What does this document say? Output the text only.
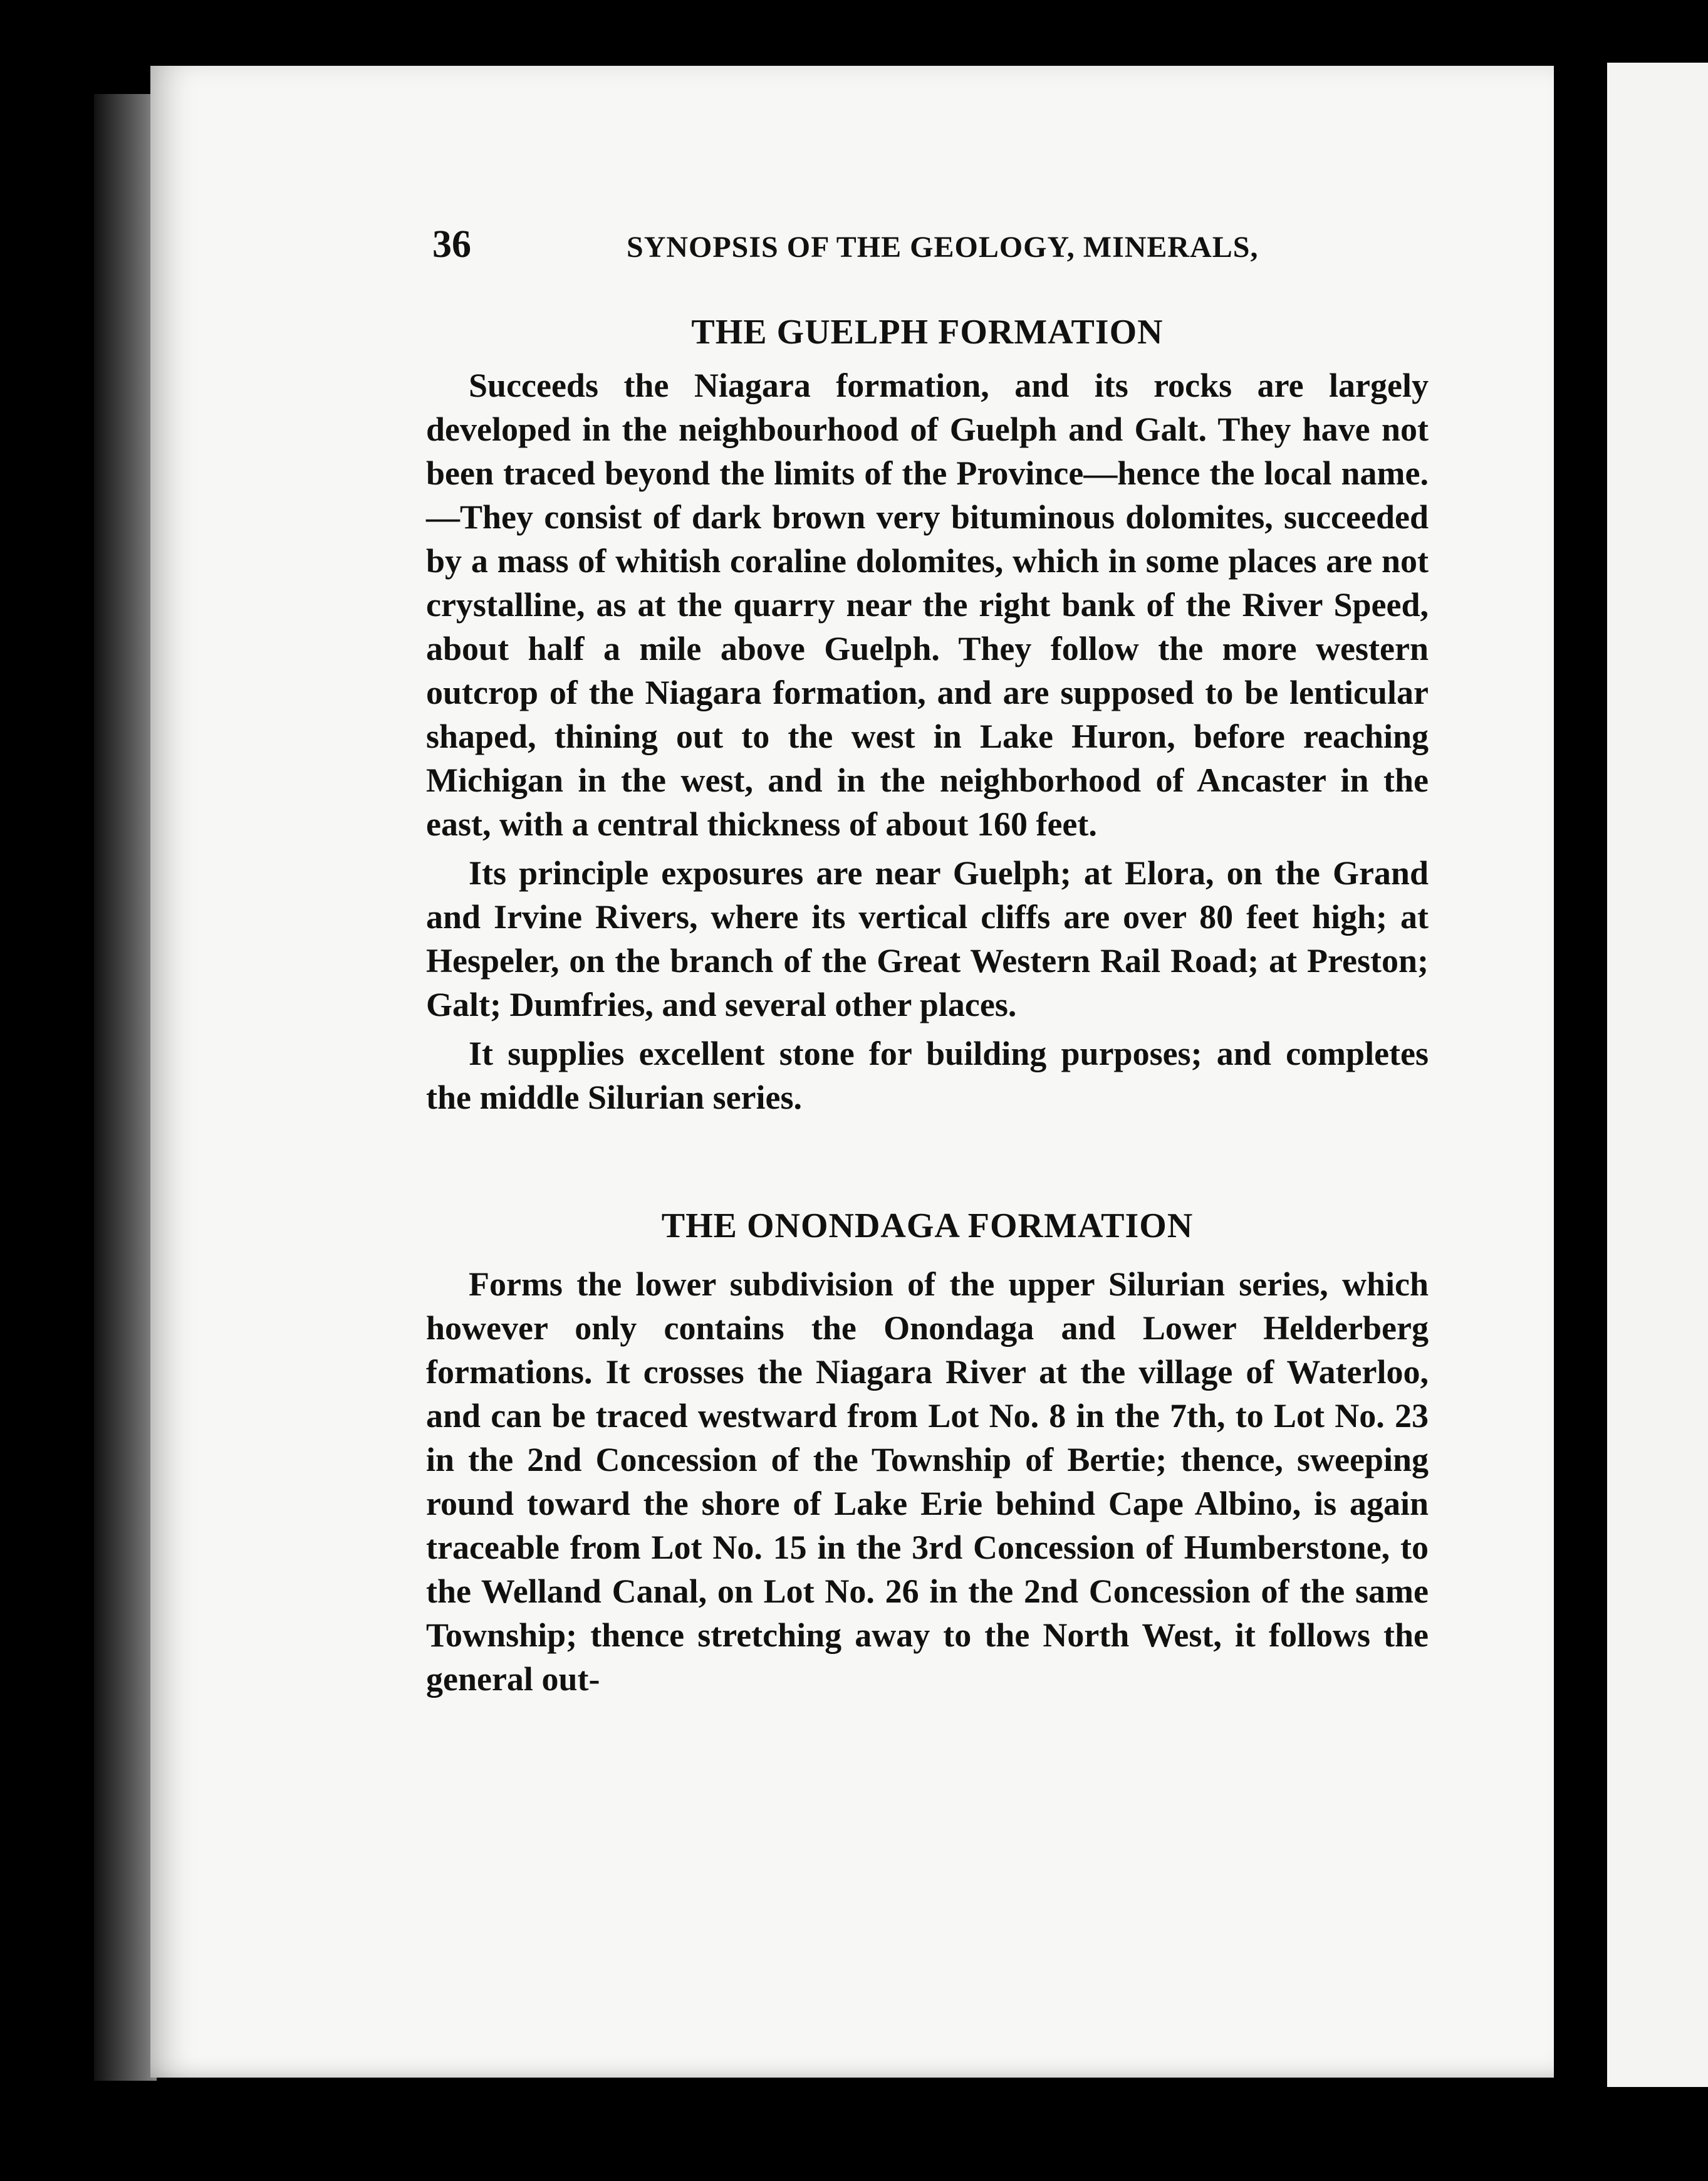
36	SYNOPSIS OF THE GEOLOGY, MINERALS,
THE GUELPH FORMATION

Succeeds the Niagara formation, and its rocks are largely developed in the neighbourhood of Guelph and Galt. They have not been traced beyond the limits of the Province—hence the local name.—They consist of dark brown very bituminous dolomites, succeeded by a mass of whitish coraline dolomites, which in some places are not crystalline, as at the quarry near the right bank of the River Speed, about half a mile above Guelph. They follow the more western outcrop of the Niagara formation, and are supposed to be lenticular shaped, thining out to the west in Lake Huron, before reaching Michigan in the west, and in the neighborhood of Ancaster in the east, with a central thickness of about 160 feet.

Its principle exposures are near Guelph; at Elora, on the Grand and Irvine Rivers, where its vertical cliffs are over 80 feet high; at Hespeler, on the branch of the Great Western Rail Road; at Preston; Galt; Dumfries, and several other places.

It supplies excellent stone for building purposes; and completes the middle Silurian series.

THE ONONDAGA FORMATION

Forms the lower subdivision of the upper Silurian series, which however only contains the Onondaga and Lower Helderberg formations. It crosses the Niagara River at the village of Waterloo, and can be traced westward from Lot No. 8 in the 7th, to Lot No. 23 in the 2nd Concession of the Township of Bertie; thence, sweeping round toward the shore of Lake Erie behind Cape Albino, is again traceable from Lot No. 15 in the 3rd Concession of Humberstone, to the Welland Canal, on Lot No. 26 in the 2nd Concession of the same Township; thence stretching away to the North West, it follows the general out-
